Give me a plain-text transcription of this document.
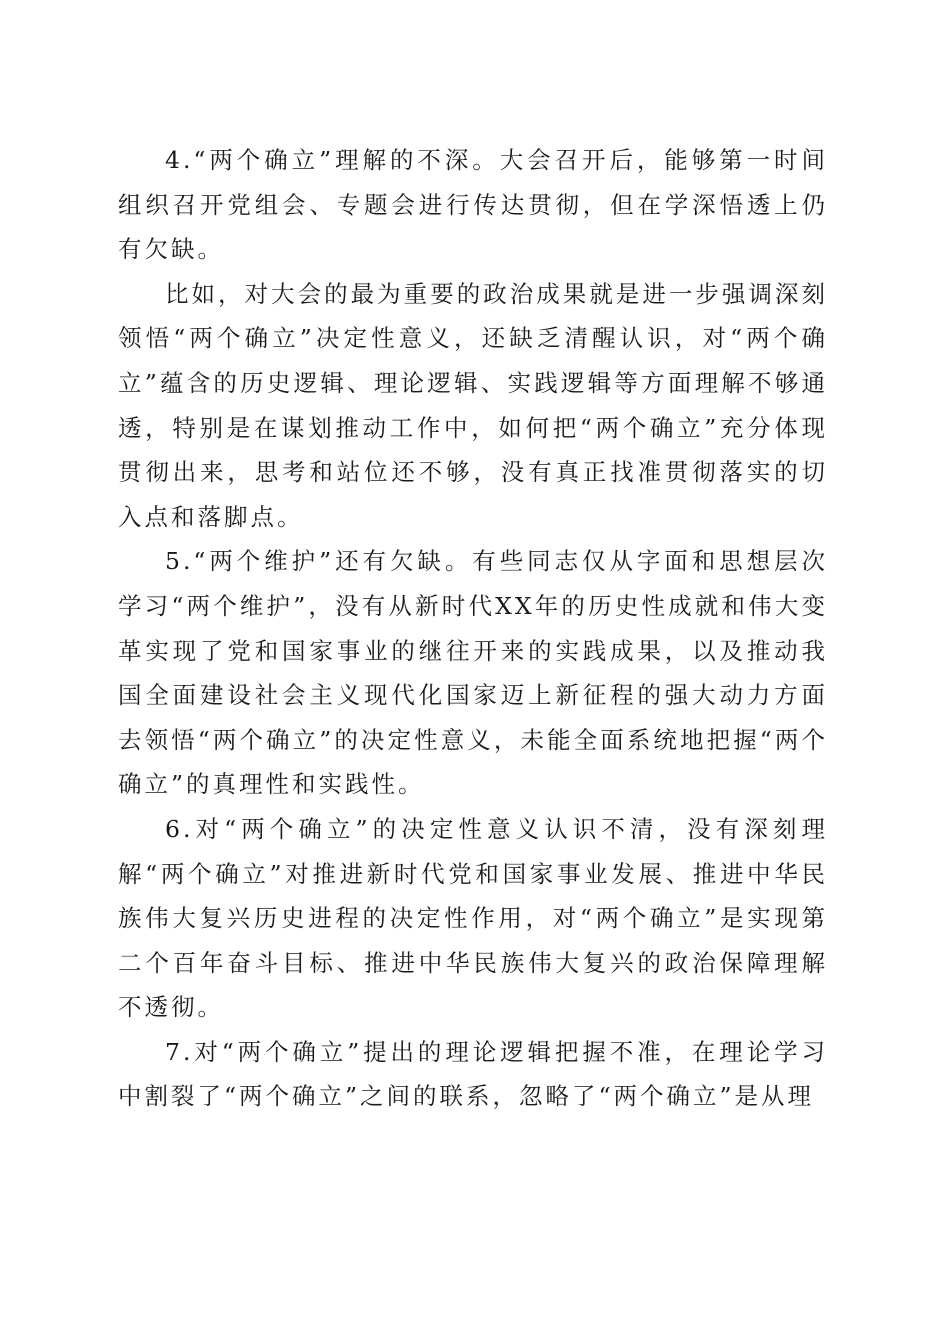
4.“两个确立”理解的不深。大会召开后，能够第一时间组织召开党组会、专题会进行传达贯彻，但在学深悟透上仍有欠缺。

比如，对大会的最为重要的政治成果就是进一步强调深刻领悟“两个确立”决定性意义，还缺乏清醒认识，对“两个确立”蕴含的历史逻辑、理论逻辑、实践逻辑等方面理解不够通透，特别是在谋划推动工作中，如何把“两个确立”充分体现贯彻出来，思考和站位还不够，没有真正找准贯彻落实的切入点和落脚点。

5.“两个维护”还有欠缺。有些同志仅从字面和思想层次学习“两个维护”，没有从新时代XX年的历史性成就和伟大变革实现了党和国家事业的继往开来的实践成果，以及推动我国全面建设社会主义现代化国家迈上新征程的强大动力方面去领悟“两个确立”的决定性意义，未能全面系统地把握“两个确立”的真理性和实践性。

6.对“两个确立”的决定性意义认识不清，没有深刻理解“两个确立”对推进新时代党和国家事业发展、推进中华民族伟大复兴历史进程的决定性作用，对“两个确立”是实现第二个百年奋斗目标、推进中华民族伟大复兴的政治保障理解不透彻。

7.对“两个确立”提出的理论逻辑把握不准，在理论学习中割裂了“两个确立”之间的联系，忽略了“两个确立”是从理
